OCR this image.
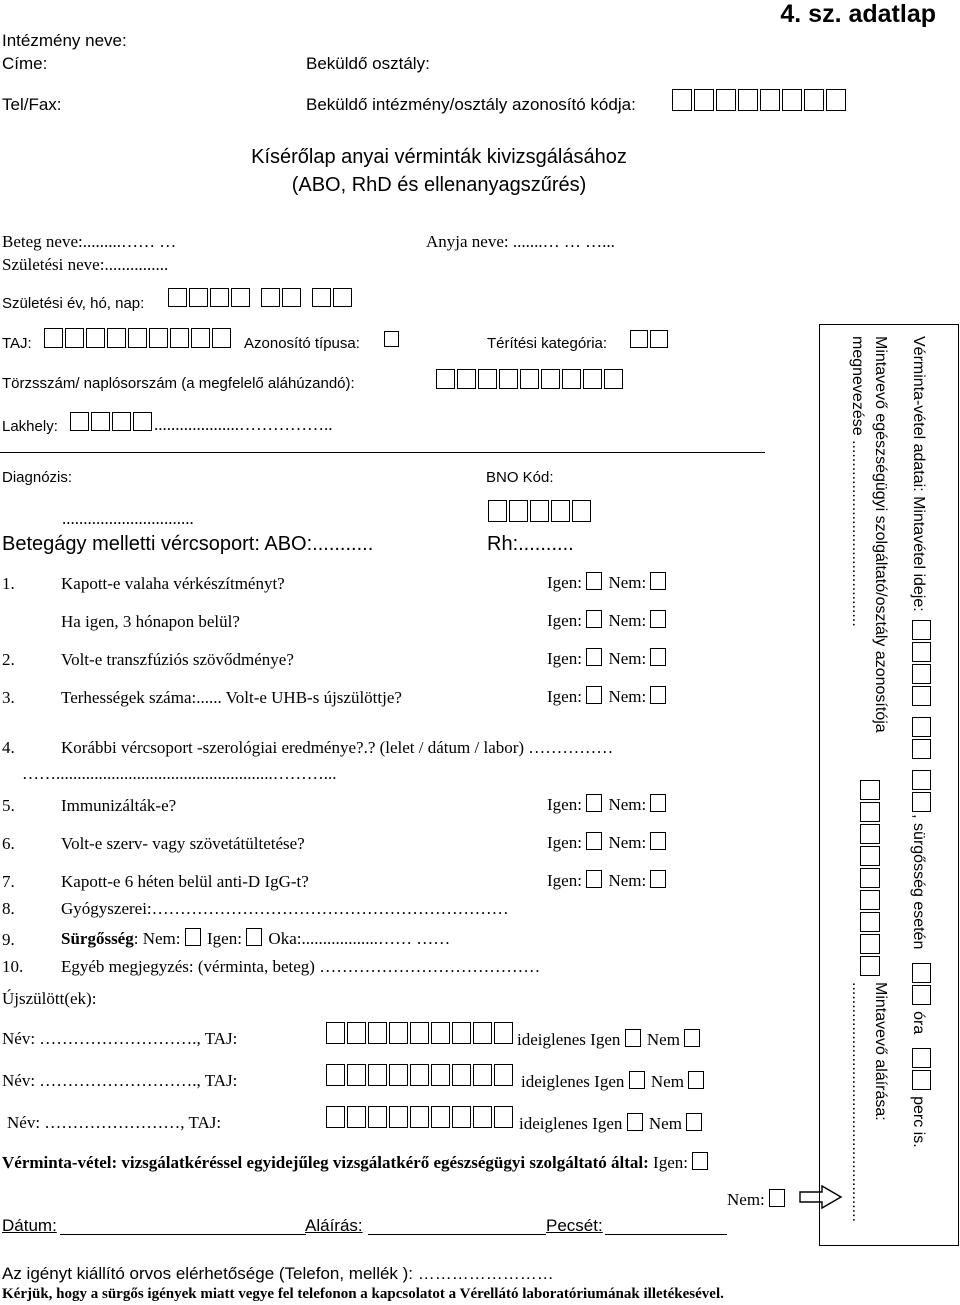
Intézmény neve:
Címe:
Tel/Fax:
Beküldő osztály:
Beküldő intézmény/osztály azonosító kódja:
4. sz. adatlap
Kísérőlap anyai vérminták kivizsgálásához
(ABO, RhD és ellenanyagszűrés)
Beteg neve:.........…… …	Anyja neve: .......… … …...
Születési neve:...............
Születési év, hó, nap:
TAJ:	Azonosító típusa:	Térítési kategória:
Törzsszám/ naplósorszám (a megfelelő aláhúzandó):
Lakhely:	....................……………..
Diagnózis:	BNO Kód:
...............................
Betegágy melletti vércsoport: ABO:...........	Rh:..........
1.	Kapott-e valaha vérkészítményt?	Igen: Nem:
Ha igen, 3 hónapon belül?	Igen: Nem:
2.	Volt-e transzfúziós szövődménye?	Igen: Nem:
3.	Terhességek száma:...... Volt-e UHB-s újszülöttje?	Igen: Nem:
4.	Korábbi vércsoport -szerológiai eredménye?.? (lelet / dátum / labor) ……………
……...................................................………...
5.	Immunizálták-e?	Igen: Nem:
6.	Volt-e szerv- vagy szövetátültetése?	Igen: Nem:
7.	Kapott-e 6 héten belül anti-D IgG-t?	Igen: Nem:
8.	Gyógyszerei:………………………………………………………
9.	Sürgősség: Nem: Igen: Oka:..................…… ……
10. Egyéb megjegyzés: (vérminta, beteg) …………………………………
Újszülött(ek):
Név: ………………………., TAJ:	ideiglenes Igen Nem
Név: ………………………., TAJ:	ideiglenes Igen Nem
Név: ……………………, TAJ:	ideiglenes Igen Nem
Vérminta-vétel: vizsgálatkéréssel egyidejűleg vizsgálatkérő egészségügyi szolgáltató által: Igen:
Nem:
Dátum:	Aláírás:	Pecsét:
Az igényt kiállító orvos elérhetősége (Telefon, mellék ): ……………………
Kérjük, hogy a sürgős igények miatt vegye fel telefonon a kapcsolatot a Vérellátó laboratóriumának illetékesével.
Vérminta-vétel adatai: Mintavétel ideje: , sürgősség esetén    óra    perc is.
Mintavevő egészségügyi szolgáltató/osztály azonosítója
megnevezése ..........................................
Mintavevő aláírása:
......................................................
